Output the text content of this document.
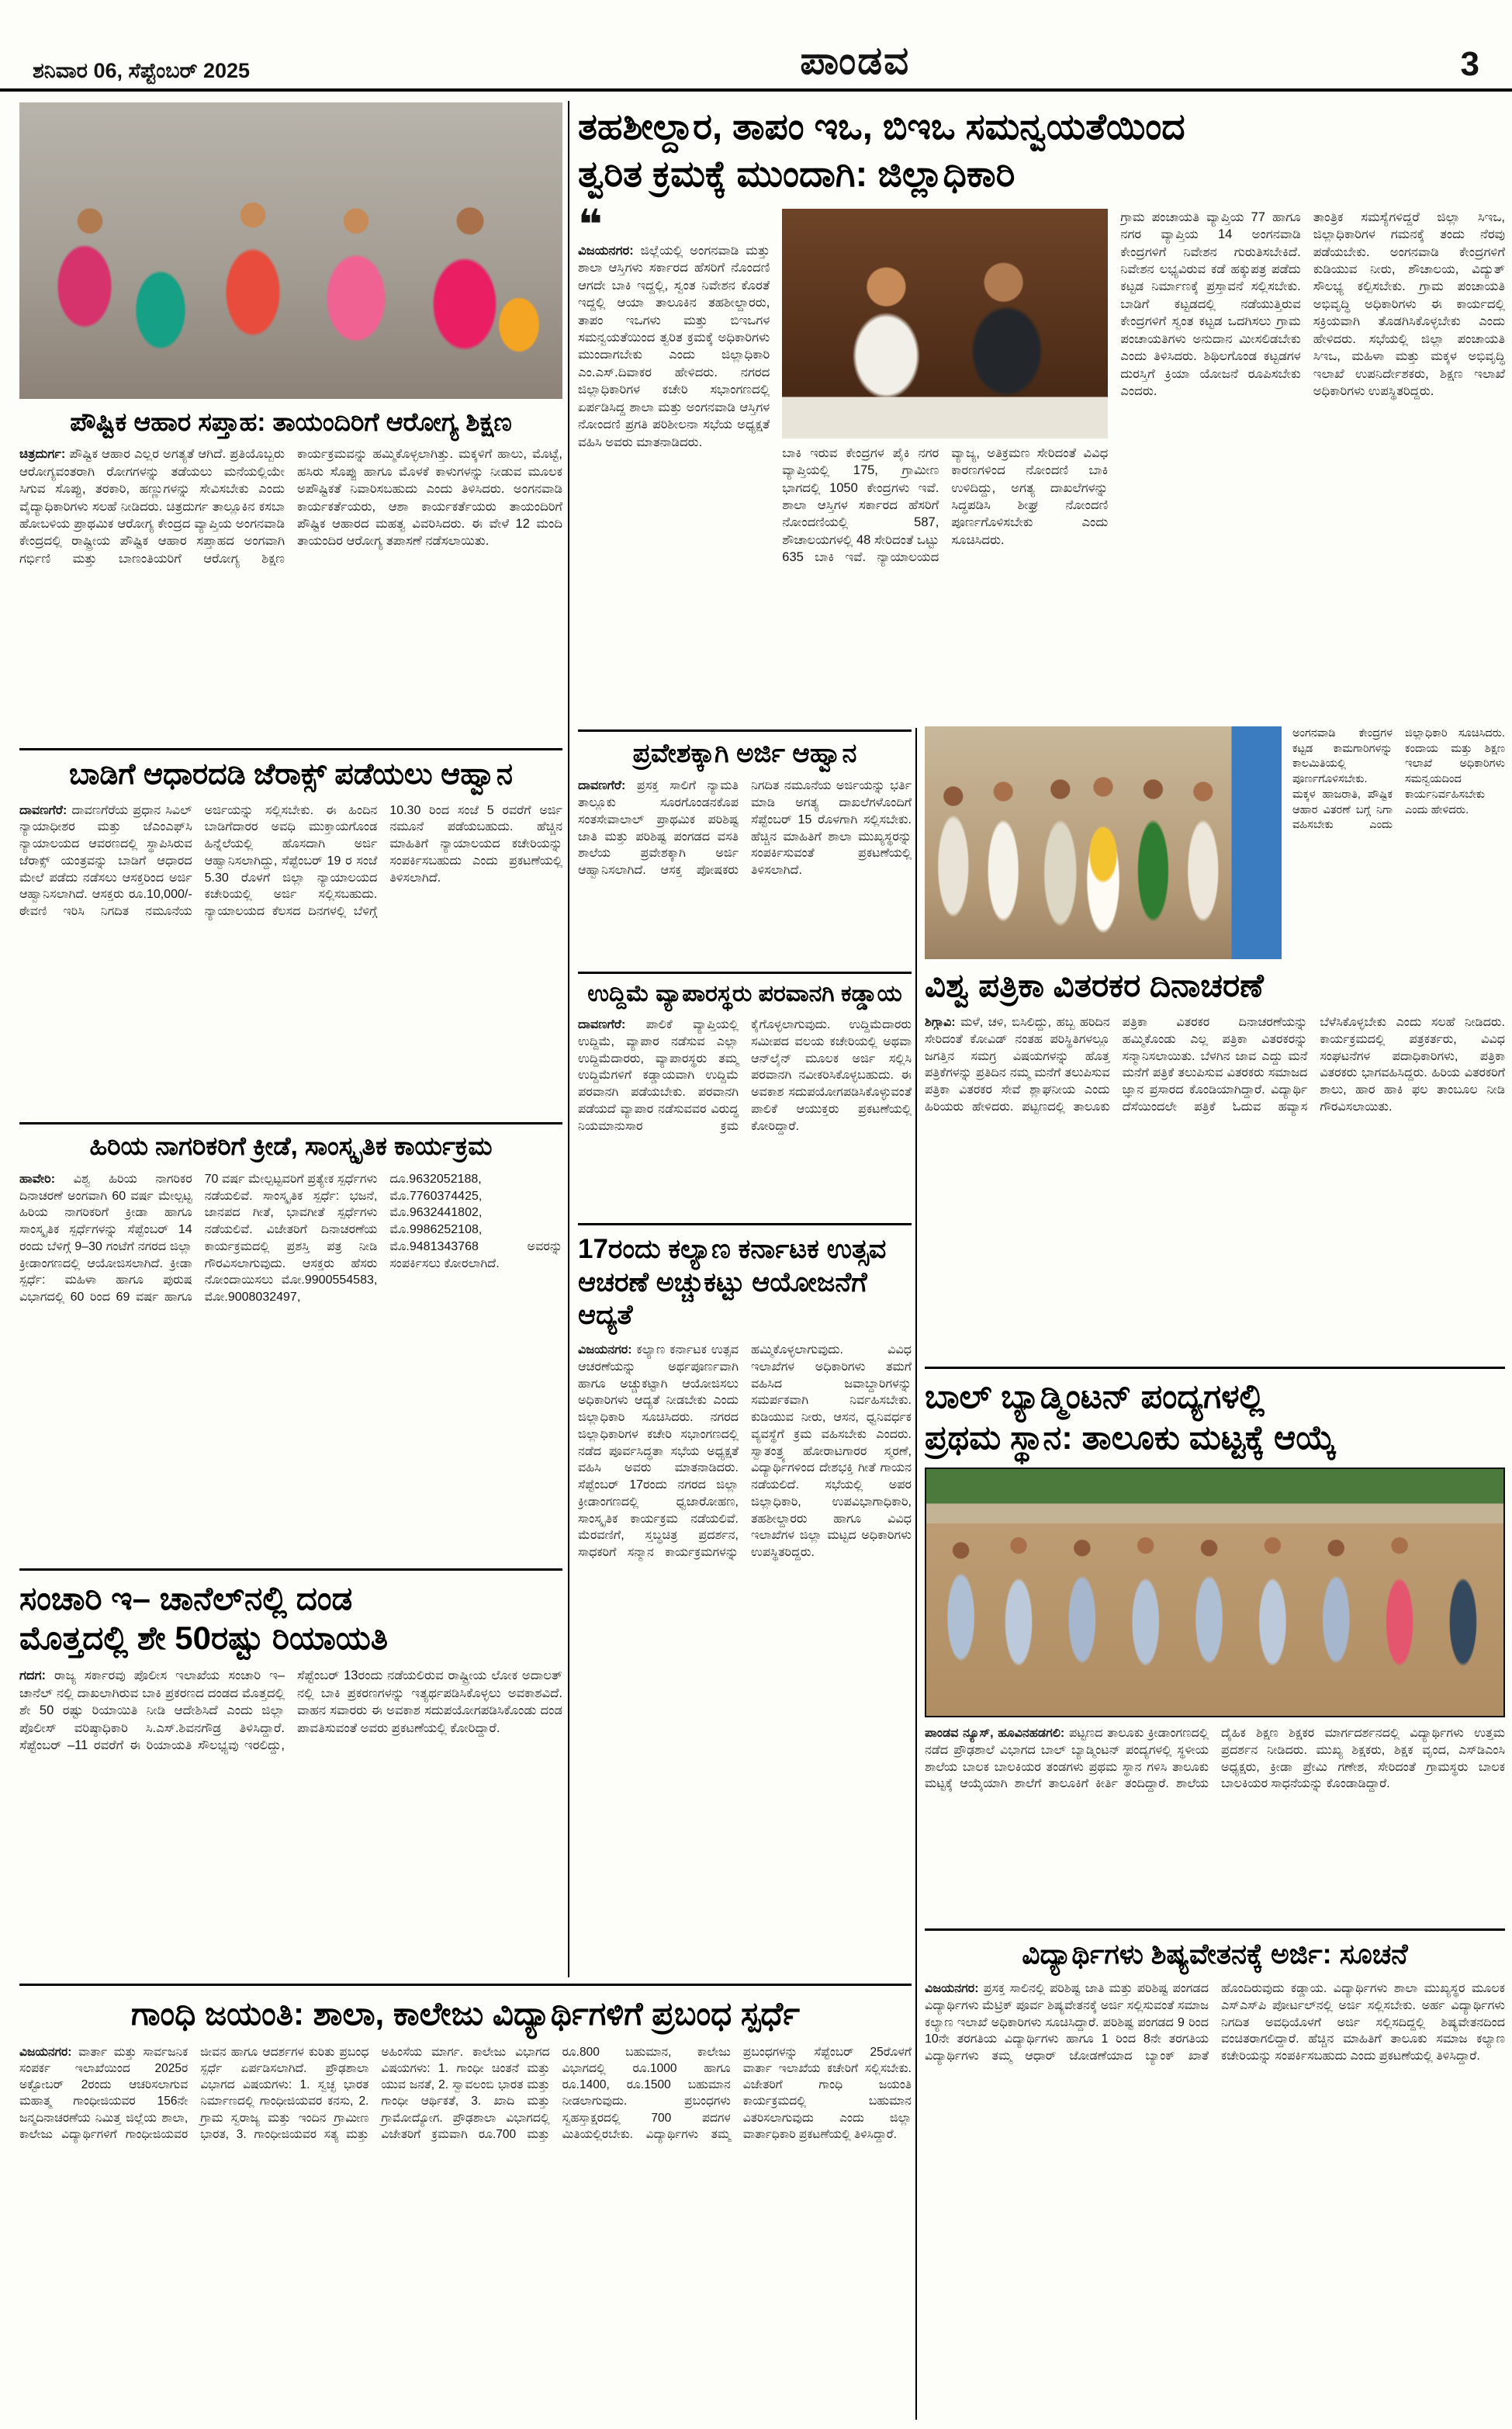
ಶನಿವಾರ 06, ಸೆಪ್ಟೆಂಬರ್ 2025	ಪಾಂಡವ	3
ಪೌಷ್ಟಿಕ ಆಹಾರ ಸಪ್ತಾಹ: ತಾಯಂದಿರಿಗೆ ಆರೋಗ್ಯ ಶಿಕ್ಷಣ
ಚಿತ್ರದುರ್ಗ: ಪೌಷ್ಟಿಕ ಆಹಾರ ಎಲ್ಲರ ಅಗತ್ಯತೆ ಆಗಿದೆ. ಪ್ರತಿಯೊಬ್ಬರು ಆರೋಗ್ಯವಂತರಾಗಿ ರೋಗಗಳನ್ನು ತಡೆಯಲು ಮನೆಯಲ್ಲಿಯೇ ಸಿಗುವ ಸೊಪ್ಪು, ತರಕಾರಿ, ಹಣ್ಣುಗಳನ್ನು ಸೇವಿಸಬೇಕು ಎಂದು ವೈದ್ಯಾಧಿಕಾರಿಗಳು ಸಲಹೆ ನೀಡಿದರು. ಚಿತ್ರದುರ್ಗ ತಾಲ್ಲೂಕಿನ ಕಸಬಾ ಹೋಬಳಿಯ ಪ್ರಾಥಮಿಕ ಆರೋಗ್ಯ ಕೇಂದ್ರದ ವ್ಯಾಪ್ತಿಯ ಅಂಗನವಾಡಿ ಕೇಂದ್ರದಲ್ಲಿ ರಾಷ್ಟ್ರೀಯ ಪೌಷ್ಟಿಕ ಆಹಾರ ಸಪ್ತಾಹದ ಅಂಗವಾಗಿ ಗರ್ಭಿಣಿ ಮತ್ತು ಬಾಣಂತಿಯರಿಗೆ ಆರೋಗ್ಯ ಶಿಕ್ಷಣ ಕಾರ್ಯಕ್ರಮವನ್ನು ಹಮ್ಮಿಕೊಳ್ಳಲಾಗಿತ್ತು. ಮಕ್ಕಳಿಗೆ ಹಾಲು, ಮೊಟ್ಟೆ, ಹಸಿರು ಸೊಪ್ಪು ಹಾಗೂ ಮೊಳಕೆ ಕಾಳುಗಳನ್ನು ನೀಡುವ ಮೂಲಕ ಅಪೌಷ್ಟಿಕತೆ ನಿವಾರಿಸಬಹುದು ಎಂದು ತಿಳಿಸಿದರು. ಅಂಗನವಾಡಿ ಕಾರ್ಯಕರ್ತೆಯರು, ಆಶಾ ಕಾರ್ಯಕರ್ತೆಯರು ತಾಯಂದಿರಿಗೆ ಪೌಷ್ಟಿಕ ಆಹಾರದ ಮಹತ್ವ ವಿವರಿಸಿದರು. ಈ ವೇಳೆ 12 ಮಂದಿ ತಾಯಂದಿರ ಆರೋಗ್ಯ ತಪಾಸಣೆ ನಡೆಸಲಾಯಿತು.
ಬಾಡಿಗೆ ಆಧಾರದಡಿ ಜೆರಾಕ್ಸ್ ಪಡೆಯಲು ಆಹ್ವಾನ
ದಾವಣಗೆರೆ: ದಾವಣಗೆರೆಯ ಪ್ರಧಾನ ಸಿವಿಲ್ ನ್ಯಾಯಾಧೀಶರ ಮತ್ತು ಜೆಎಂಎಫ್‌ಸಿ ನ್ಯಾಯಾಲಯದ ಆವರಣದಲ್ಲಿ ಸ್ಥಾಪಿಸಿರುವ ಜೆರಾಕ್ಸ್ ಯಂತ್ರವನ್ನು ಬಾಡಿಗೆ ಆಧಾರದ ಮೇಲೆ ಪಡೆದು ನಡೆಸಲು ಆಸಕ್ತರಿಂದ ಅರ್ಜಿ ಆಹ್ವಾನಿಸಲಾಗಿದೆ. ಆಸಕ್ತರು ರೂ.10,000/- ಠೇವಣಿ ಇರಿಸಿ ನಿಗದಿತ ನಮೂನೆಯ ಅರ್ಜಿಯನ್ನು ಸಲ್ಲಿಸಬೇಕು. ಈ ಹಿಂದಿನ ಬಾಡಿಗೆದಾರರ ಅವಧಿ ಮುಕ್ತಾಯಗೊಂಡ ಹಿನ್ನೆಲೆಯಲ್ಲಿ ಹೊಸದಾಗಿ ಅರ್ಜಿ ಆಹ್ವಾನಿಸಲಾಗಿದ್ದು, ಸೆಪ್ಟೆಂಬರ್ 19 ರ ಸಂಜೆ 5.30 ರೊಳಗೆ ಜಿಲ್ಲಾ ನ್ಯಾಯಾಲಯದ ಕಚೇರಿಯಲ್ಲಿ ಅರ್ಜಿ ಸಲ್ಲಿಸಬಹುದು. ನ್ಯಾಯಾಲಯದ ಕೆಲಸದ ದಿನಗಳಲ್ಲಿ ಬೆಳಿಗ್ಗೆ 10.30 ರಿಂದ ಸಂಜೆ 5 ರವರೆಗೆ ಅರ್ಜಿ ನಮೂನೆ ಪಡೆಯಬಹುದು. ಹೆಚ್ಚಿನ ಮಾಹಿತಿಗೆ ನ್ಯಾಯಾಲಯದ ಕಚೇರಿಯನ್ನು ಸಂಪರ್ಕಿಸಬಹುದು ಎಂದು ಪ್ರಕಟಣೆಯಲ್ಲಿ ತಿಳಿಸಲಾಗಿದೆ.
ಹಿರಿಯ ನಾಗರಿಕರಿಗೆ ಕ್ರೀಡೆ, ಸಾಂಸ್ಕೃತಿಕ ಕಾರ್ಯಕ್ರಮ
ಹಾವೇರಿ: ವಿಶ್ವ ಹಿರಿಯ ನಾಗರಿಕರ ದಿನಾಚರಣೆ ಅಂಗವಾಗಿ 60 ವರ್ಷ ಮೇಲ್ಪಟ್ಟ ಹಿರಿಯ ನಾಗರಿಕರಿಗೆ ಕ್ರೀಡಾ ಹಾಗೂ ಸಾಂಸ್ಕೃತಿಕ ಸ್ಪರ್ಧೆಗಳನ್ನು ಸೆಪ್ಟೆಂಬರ್ 14 ರಂದು ಬೆಳಿಗ್ಗೆ 9–30 ಗಂಟೆಗೆ ನಗರದ ಜಿಲ್ಲಾ ಕ್ರೀಡಾಂಗಣದಲ್ಲಿ ಆಯೋಜಿಸಲಾಗಿದೆ. ಕ್ರೀಡಾ ಸ್ಪರ್ಧೆ: ಮಹಿಳಾ ಹಾಗೂ ಪುರುಷ ವಿಭಾಗದಲ್ಲಿ 60 ರಿಂದ 69 ವರ್ಷ ಹಾಗೂ 70 ವರ್ಷ ಮೇಲ್ಪಟ್ಟವರಿಗೆ ಪ್ರತ್ಯೇಕ ಸ್ಪರ್ಧೆಗಳು ನಡೆಯಲಿವೆ. ಸಾಂಸ್ಕೃತಿಕ ಸ್ಪರ್ಧೆ: ಭಜನೆ, ಜಾನಪದ ಗೀತೆ, ಭಾವಗೀತೆ ಸ್ಪರ್ಧೆಗಳು ನಡೆಯಲಿವೆ. ವಿಜೇತರಿಗೆ ದಿನಾಚರಣೆಯ ಕಾರ್ಯಕ್ರಮದಲ್ಲಿ ಪ್ರಶಸ್ತಿ ಪತ್ರ ನೀಡಿ ಗೌರವಿಸಲಾಗುವುದು. ಆಸಕ್ತರು ಹೆಸರು ನೋಂದಾಯಿಸಲು ಮೋ.9900554583, ಮೋ.9008032497, ದೂ.9632052188, ಮೊ.7760374425, ಮೊ.9632441802, ಮೊ.9986252108, ಮೊ.9481343768 ಅವರನ್ನು ಸಂಪರ್ಕಿಸಲು ಕೋರಲಾಗಿದೆ.
ಸಂಚಾರಿ ಇ– ಚಾನೆಲ್‌ನಲ್ಲಿ ದಂಡ
ಮೊತ್ತದಲ್ಲಿ ಶೇ 50ರಷ್ಟು ರಿಯಾಯತಿ
ಗದಗ: ರಾಜ್ಯ ಸರ್ಕಾರವು ಪೊಲೀಸ ಇಲಾಖೆಯ ಸಂಚಾರಿ ಇ– ಚಾನೆಲ್ ನಲ್ಲಿ ದಾಖಲಾಗಿರುವ ಬಾಕಿ ಪ್ರಕರಣದ ದಂಡದ ಮೊತ್ತದಲ್ಲಿ ಶೇ 50 ರಷ್ಟು ರಿಯಾಯಿತಿ ನೀಡಿ ಆದೇಶಿಸಿದೆ ಎಂದು ಜಿಲ್ಲಾ ಪೊಲೀಸ್ ವರಿಷ್ಠಾಧಿಕಾರಿ ಸಿ.ಎಸ್.ಶಿವನಗೌಡ್ರ ತಿಳಿಸಿದ್ದಾರೆ. ಸೆಪ್ಟೆಂಬರ್ –11 ರವರೆಗೆ ಈ ರಿಯಾಯತಿ ಸೌಲಭ್ಯವು ಇರಲಿದ್ದು, ಸೆಪ್ಟೆಂಬರ್ 13ರಂದು ನಡೆಯಲಿರುವ ರಾಷ್ಟ್ರೀಯ ಲೋಕ ಅದಾಲತ್ ನಲ್ಲಿ ಬಾಕಿ ಪ್ರಕರಣಗಳನ್ನು ಇತ್ಯರ್ಥಪಡಿಸಿಕೊಳ್ಳಲು ಅವಕಾಶವಿದೆ. ವಾಹನ ಸವಾರರು ಈ ಅವಕಾಶ ಸದುಪಯೋಗಪಡಿಸಿಕೊಂಡು ದಂಡ ಪಾವತಿಸುವಂತೆ ಅವರು ಪ್ರಕಟಣೆಯಲ್ಲಿ ಕೋರಿದ್ದಾರೆ.
ತಹಶೀಲ್ದಾರ, ತಾಪಂ ಇಒ, ಬಿಇಒ ಸಮನ್ವಯತೆಯಿಂದ
ತ್ವರಿತ ಕ್ರಮಕ್ಕೆ ಮುಂದಾಗಿ: ಜಿಲ್ಲಾಧಿಕಾರಿ
❝
ವಿಜಯನಗರ: ಜಿಲ್ಲೆಯಲ್ಲಿ ಅಂಗನವಾಡಿ ಮತ್ತು ಶಾಲಾ ಆಸ್ತಿಗಳು ಸರ್ಕಾರದ ಹೆಸರಿಗೆ ನೊಂದಣಿ ಆಗದೇ ಬಾಕಿ ಇದ್ದಲ್ಲಿ, ಸ್ವಂತ ನಿವೇಶನ ಕೊರತೆ ಇದ್ದಲ್ಲಿ ಆಯಾ ತಾಲೂಕಿನ ತಹಶೀಲ್ದಾರರು, ತಾಪಂ ಇಒಗಳು ಮತ್ತು ಬಿಇಒಗಳ ಸಮನ್ವಯತೆಯಿಂದ ತ್ವರಿತ ಕ್ರಮಕ್ಕೆ ಅಧಿಕಾರಿಗಳು ಮುಂದಾಗಬೇಕು ಎಂದು ಜಿಲ್ಲಾಧಿಕಾರಿ ಎಂ.ಎಸ್.ದಿವಾಕರ ಹೇಳಿದರು. ನಗರದ ಜಿಲ್ಲಾಧಿಕಾರಿಗಳ ಕಚೇರಿ ಸಭಾಂಗಣದಲ್ಲಿ ಏರ್ಪಡಿಸಿದ್ದ ಶಾಲಾ ಮತ್ತು ಅಂಗನವಾಡಿ ಆಸ್ತಿಗಳ ನೋಂದಣಿ ಪ್ರಗತಿ ಪರಿಶೀಲನಾ ಸಭೆಯ ಅಧ್ಯಕ್ಷತೆ ವಹಿಸಿ ಅವರು ಮಾತನಾಡಿದರು.
ಬಾಕಿ ಇರುವ ಕೇಂದ್ರಗಳ ಪೈಕಿ ನಗರ ವ್ಯಾಪ್ತಿಯಲ್ಲಿ 175, ಗ್ರಾಮೀಣ ಭಾಗದಲ್ಲಿ 1050 ಕೇಂದ್ರಗಳು ಇವೆ. ಶಾಲಾ ಆಸ್ತಿಗಳ ಸರ್ಕಾರದ ಹೆಸರಿಗೆ ನೋಂದಣಿಯಲ್ಲಿ 587, ಶೌಚಾಲಯಗಳಲ್ಲಿ 48 ಸೇರಿದಂತೆ ಒಟ್ಟು 635 ಬಾಕಿ ಇವೆ. ನ್ಯಾಯಾಲಯದ ವ್ಯಾಜ್ಯ, ಅತಿಕ್ರಮಣ ಸೇರಿದಂತೆ ವಿವಿಧ ಕಾರಣಗಳಿಂದ ನೋಂದಣಿ ಬಾಕಿ ಉಳಿದಿದ್ದು, ಅಗತ್ಯ ದಾಖಲೆಗಳನ್ನು ಸಿದ್ಧಪಡಿಸಿ ಶೀಘ್ರ ನೋಂದಣಿ ಪೂರ್ಣಗೊಳಿಸಬೇಕು ಎಂದು ಸೂಚಿಸಿದರು.
ಗ್ರಾಮ ಪಂಚಾಯತಿ ವ್ಯಾಪ್ತಿಯ 77 ಹಾಗೂ ನಗರ ವ್ಯಾಪ್ತಿಯ 14 ಅಂಗನವಾಡಿ ಕೇಂದ್ರಗಳಿಗೆ ನಿವೇಶನ ಗುರುತಿಸಬೇಕಿದೆ. ನಿವೇಶನ ಲಭ್ಯವಿರುವ ಕಡೆ ಹಕ್ಕುಪತ್ರ ಪಡೆದು ಕಟ್ಟಡ ನಿರ್ಮಾಣಕ್ಕೆ ಪ್ರಸ್ತಾವನೆ ಸಲ್ಲಿಸಬೇಕು. ಬಾಡಿಗೆ ಕಟ್ಟಡದಲ್ಲಿ ನಡೆಯುತ್ತಿರುವ ಕೇಂದ್ರಗಳಿಗೆ ಸ್ವಂತ ಕಟ್ಟಡ ಒದಗಿಸಲು ಗ್ರಾಮ ಪಂಚಾಯತಿಗಳು ಅನುದಾನ ಮೀಸಲಿಡಬೇಕು ಎಂದು ತಿಳಿಸಿದರು. ಶಿಥಿಲಗೊಂಡ ಕಟ್ಟಡಗಳ ದುರಸ್ತಿಗೆ ಕ್ರಿಯಾ ಯೋಜನೆ ರೂಪಿಸಬೇಕು ಎಂದರು.
ತಾಂತ್ರಿಕ ಸಮಸ್ಯೆಗಳಿದ್ದರೆ ಜಿಲ್ಲಾ ಸಿಇಒ, ಜಿಲ್ಲಾಧಿಕಾರಿಗಳ ಗಮನಕ್ಕೆ ತಂದು ನೆರವು ಪಡೆಯಬೇಕು. ಅಂಗನವಾಡಿ ಕೇಂದ್ರಗಳಿಗೆ ಕುಡಿಯುವ ನೀರು, ಶೌಚಾಲಯ, ವಿದ್ಯುತ್ ಸೌಲಭ್ಯ ಕಲ್ಪಿಸಬೇಕು. ಗ್ರಾಮ ಪಂಚಾಯತಿ ಅಭಿವೃದ್ಧಿ ಅಧಿಕಾರಿಗಳು ಈ ಕಾರ್ಯದಲ್ಲಿ ಸಕ್ರಿಯವಾಗಿ ತೊಡಗಿಸಿಕೊಳ್ಳಬೇಕು ಎಂದು ಹೇಳಿದರು. ಸಭೆಯಲ್ಲಿ ಜಿಲ್ಲಾ ಪಂಚಾಯತಿ ಸಿಇಒ, ಮಹಿಳಾ ಮತ್ತು ಮಕ್ಕಳ ಅಭಿವೃದ್ಧಿ ಇಲಾಖೆ ಉಪನಿರ್ದೇಶಕರು, ಶಿಕ್ಷಣ ಇಲಾಖೆ ಅಧಿಕಾರಿಗಳು ಉಪಸ್ಥಿತರಿದ್ದರು.
ಪ್ರವೇಶಕ್ಕಾಗಿ ಅರ್ಜಿ ಆಹ್ವಾನ
ದಾವಣಗೆರೆ: ಪ್ರಸಕ್ತ ಸಾಲಿಗೆ ನ್ಯಾಮತಿ ತಾಲ್ಲೂಕು ಸೂರಗೊಂಡನಕೊಪ ಸಂತಸೇವಾಲಾಲ್ ಪ್ರಾಥಮಿಕ ಪರಿಶಿಷ್ಟ ಜಾತಿ ಮತ್ತು ಪರಿಶಿಷ್ಟ ಪಂಗಡದ ವಸತಿ ಶಾಲೆಯ ಪ್ರವೇಶಕ್ಕಾಗಿ ಅರ್ಜಿ ಆಹ್ವಾನಿಸಲಾಗಿದೆ. ಆಸಕ್ತ ಪೋಷಕರು ನಿಗದಿತ ನಮೂನೆಯ ಅರ್ಜಿಯನ್ನು ಭರ್ತಿ ಮಾಡಿ ಅಗತ್ಯ ದಾಖಲೆಗಳೊಂದಿಗೆ ಸೆಪ್ಟೆಂಬರ್ 15 ರೊಳಗಾಗಿ ಸಲ್ಲಿಸಬೇಕು. ಹೆಚ್ಚಿನ ಮಾಹಿತಿಗೆ ಶಾಲಾ ಮುಖ್ಯಸ್ಥರನ್ನು ಸಂಪರ್ಕಿಸುವಂತೆ ಪ್ರಕಟಣೆಯಲ್ಲಿ ತಿಳಿಸಲಾಗಿದೆ.
ಉದ್ದಿಮೆ ವ್ಯಾಪಾರಸ್ಥರು ಪರವಾನಗಿ ಕಡ್ಡಾಯ
ದಾವಣಗೆರೆ: ಪಾಲಿಕೆ ವ್ಯಾಪ್ತಿಯಲ್ಲಿ ಉದ್ದಿಮೆ, ವ್ಯಾಪಾರ ನಡೆಸುವ ಎಲ್ಲಾ ಉದ್ದಿಮೆದಾರರು, ವ್ಯಾಪಾರಸ್ಥರು ತಮ್ಮ ಉದ್ದಿಮೆಗಳಿಗೆ ಕಡ್ಡಾಯವಾಗಿ ಉದ್ದಿಮೆ ಪರವಾನಗಿ ಪಡೆಯಬೇಕು. ಪರವಾನಗಿ ಪಡೆಯದೆ ವ್ಯಾಪಾರ ನಡೆಸುವವರ ವಿರುದ್ಧ ನಿಯಮಾನುಸಾರ ಕ್ರಮ ಕೈಗೊಳ್ಳಲಾಗುವುದು. ಉದ್ದಿಮೆದಾರರು ಸಮೀಪದ ವಲಯ ಕಚೇರಿಯಲ್ಲಿ ಅಥವಾ ಆನ್‌ಲೈನ್ ಮೂಲಕ ಅರ್ಜಿ ಸಲ್ಲಿಸಿ ಪರವಾನಗಿ ನವೀಕರಿಸಿಕೊಳ್ಳಬಹುದು. ಈ ಅವಕಾಶ ಸದುಪಯೋಗಪಡಿಸಿಕೊಳ್ಳುವಂತೆ ಪಾಲಿಕೆ ಆಯುಕ್ತರು ಪ್ರಕಟಣೆಯಲ್ಲಿ ಕೋರಿದ್ದಾರೆ.
17ರಂದು ಕಲ್ಯಾಣ ಕರ್ನಾಟಕ ಉತ್ಸವ
ಆಚರಣೆ ಅಚ್ಚುಕಟ್ಟು ಆಯೋಜನೆಗೆ ಆದ್ಯತೆ
ವಿಜಯನಗರ: ಕಲ್ಯಾಣ ಕರ್ನಾಟಕ ಉತ್ಸವ ಆಚರಣೆಯನ್ನು ಅರ್ಥಪೂರ್ಣವಾಗಿ ಹಾಗೂ ಅಚ್ಚುಕಟ್ಟಾಗಿ ಆಯೋಜಿಸಲು ಅಧಿಕಾರಿಗಳು ಆದ್ಯತೆ ನೀಡಬೇಕು ಎಂದು ಜಿಲ್ಲಾಧಿಕಾರಿ ಸೂಚಿಸಿದರು. ನಗರದ ಜಿಲ್ಲಾಧಿಕಾರಿಗಳ ಕಚೇರಿ ಸಭಾಂಗಣದಲ್ಲಿ ನಡೆದ ಪೂರ್ವಸಿದ್ಧತಾ ಸಭೆಯ ಅಧ್ಯಕ್ಷತೆ ವಹಿಸಿ ಅವರು ಮಾತನಾಡಿದರು. ಸೆಪ್ಟೆಂಬರ್ 17ರಂದು ನಗರದ ಜಿಲ್ಲಾ ಕ್ರೀಡಾಂಗಣದಲ್ಲಿ ಧ್ವಜಾರೋಹಣ, ಸಾಂಸ್ಕೃತಿಕ ಕಾರ್ಯಕ್ರಮ ನಡೆಯಲಿವೆ. ಮೆರವಣಿಗೆ, ಸ್ತಬ್ಧಚಿತ್ರ ಪ್ರದರ್ಶನ, ಸಾಧಕರಿಗೆ ಸನ್ಮಾನ ಕಾರ್ಯಕ್ರಮಗಳನ್ನು ಹಮ್ಮಿಕೊಳ್ಳಲಾಗುವುದು. ವಿವಿಧ ಇಲಾಖೆಗಳ ಅಧಿಕಾರಿಗಳು ತಮಗೆ ವಹಿಸಿದ ಜವಾಬ್ದಾರಿಗಳನ್ನು ಸಮರ್ಪಕವಾಗಿ ನಿರ್ವಹಿಸಬೇಕು. ಕುಡಿಯುವ ನೀರು, ಆಸನ, ಧ್ವನಿವರ್ಧಕ ವ್ಯವಸ್ಥೆಗೆ ಕ್ರಮ ವಹಿಸಬೇಕು ಎಂದರು. ಸ್ವಾತಂತ್ರ್ಯ ಹೋರಾಟಗಾರರ ಸ್ಮರಣೆ, ವಿದ್ಯಾರ್ಥಿಗಳಿಂದ ದೇಶಭಕ್ತಿ ಗೀತೆ ಗಾಯನ ನಡೆಯಲಿದೆ. ಸಭೆಯಲ್ಲಿ ಅಪರ ಜಿಲ್ಲಾಧಿಕಾರಿ, ಉಪವಿಭಾಗಾಧಿಕಾರಿ, ತಹಶೀಲ್ದಾರರು ಹಾಗೂ ವಿವಿಧ ಇಲಾಖೆಗಳ ಜಿಲ್ಲಾ ಮಟ್ಟದ ಅಧಿಕಾರಿಗಳು ಉಪಸ್ಥಿತರಿದ್ದರು.
ಅಂಗನವಾಡಿ ಕೇಂದ್ರಗಳ ಕಟ್ಟಡ ಕಾಮಗಾರಿಗಳನ್ನು ಕಾಲಮಿತಿಯಲ್ಲಿ ಪೂರ್ಣಗೊಳಿಸಬೇಕು. ಮಕ್ಕಳ ಹಾಜರಾತಿ, ಪೌಷ್ಟಿಕ ಆಹಾರ ವಿತರಣೆ ಬಗ್ಗೆ ನಿಗಾ ವಹಿಸಬೇಕು ಎಂದು ಜಿಲ್ಲಾಧಿಕಾರಿ ಸೂಚಿಸಿದರು. ಕಂದಾಯ ಮತ್ತು ಶಿಕ್ಷಣ ಇಲಾಖೆ ಅಧಿಕಾರಿಗಳು ಸಮನ್ವಯದಿಂದ ಕಾರ್ಯನಿರ್ವಹಿಸಬೇಕು ಎಂದು ಹೇಳಿದರು.
ವಿಶ್ವ ಪತ್ರಿಕಾ ವಿತರಕರ ದಿನಾಚರಣೆ
ಶಿಗ್ಗಾವಿ: ಮಳೆ, ಚಳಿ, ಬಿಸಿಲಿದ್ದು, ಹಬ್ಬ ಹರಿದಿನ ಸೇರಿದಂತೆ ಕೋವಿಡ್ ನಂತಹ ಪರಿಸ್ಥಿತಿಗಳಲ್ಲೂ ಜಗತ್ತಿನ ಸಮಗ್ರ ವಿಷಯಗಳನ್ನು ಹೊತ್ತ ಪತ್ರಿಕೆಗಳನ್ನು ಪ್ರತಿದಿನ ನಮ್ಮ ಮನೆಗೆ ತಲುಪಿಸುವ ಪತ್ರಿಕಾ ವಿತರಕರ ಸೇವೆ ಶ್ಲಾಘನೀಯ ಎಂದು ಹಿರಿಯರು ಹೇಳಿದರು. ಪಟ್ಟಣದಲ್ಲಿ ತಾಲೂಕು ಪತ್ರಿಕಾ ವಿತರಕರ ದಿನಾಚರಣೆಯನ್ನು ಹಮ್ಮಿಕೊಂಡು ಎಲ್ಲ ಪತ್ರಿಕಾ ವಿತರಕರನ್ನು ಸನ್ಮಾನಿಸಲಾಯಿತು. ಬೆಳಗಿನ ಜಾವ ಎದ್ದು ಮನೆ ಮನೆಗೆ ಪತ್ರಿಕೆ ತಲುಪಿಸುವ ವಿತರಕರು ಸಮಾಜದ ಜ್ಞಾನ ಪ್ರಸಾರದ ಕೊಂಡಿಯಾಗಿದ್ದಾರೆ. ವಿದ್ಯಾರ್ಥಿ ದೆಸೆಯಿಂದಲೇ ಪತ್ರಿಕೆ ಓದುವ ಹವ್ಯಾಸ ಬೆಳೆಸಿಕೊಳ್ಳಬೇಕು ಎಂದು ಸಲಹೆ ನೀಡಿದರು. ಕಾರ್ಯಕ್ರಮದಲ್ಲಿ ಪತ್ರಕರ್ತರು, ವಿವಿಧ ಸಂಘಟನೆಗಳ ಪದಾಧಿಕಾರಿಗಳು, ಪತ್ರಿಕಾ ವಿತರಕರು ಭಾಗವಹಿಸಿದ್ದರು. ಹಿರಿಯ ವಿತರಕರಿಗೆ ಶಾಲು, ಹಾರ ಹಾಕಿ ಫಲ ತಾಂಬೂಲ ನೀಡಿ ಗೌರವಿಸಲಾಯಿತು.
ಬಾಲ್ ಬ್ಯಾಡ್ಮಿಂಟನ್ ಪಂದ್ಯಗಳಲ್ಲಿ
ಪ್ರಥಮ ಸ್ಥಾನ: ತಾಲೂಕು ಮಟ್ಟಕ್ಕೆ ಆಯ್ಕೆ
ಪಾಂಡವ ನ್ಯೂಸ್, ಹೂವಿನಹಡಗಲಿ: ಪಟ್ಟಣದ ತಾಲೂಕು ಕ್ರೀಡಾಂಗಣದಲ್ಲಿ ನಡೆದ ಪ್ರೌಢಶಾಲೆ ವಿಭಾಗದ ಬಾಲ್ ಬ್ಯಾಡ್ಮಿಂಟನ್ ಪಂದ್ಯಗಳಲ್ಲಿ ಸ್ಥಳೀಯ ಶಾಲೆಯ ಬಾಲಕ ಬಾಲಕಿಯರ ತಂಡಗಳು ಪ್ರಥಮ ಸ್ಥಾನ ಗಳಿಸಿ ತಾಲೂಕು ಮಟ್ಟಕ್ಕೆ ಆಯ್ಕೆಯಾಗಿ ಶಾಲೆಗೆ ತಾಲೂಕಿಗೆ ಕೀರ್ತಿ ತಂದಿದ್ದಾರೆ. ಶಾಲೆಯ ದೈಹಿಕ ಶಿಕ್ಷಣ ಶಿಕ್ಷಕರ ಮಾರ್ಗದರ್ಶನದಲ್ಲಿ ವಿದ್ಯಾರ್ಥಿಗಳು ಉತ್ತಮ ಪ್ರದರ್ಶನ ನೀಡಿದರು. ಮುಖ್ಯ ಶಿಕ್ಷಕರು, ಶಿಕ್ಷಕ ವೃಂದ, ಎಸ್‌ಡಿಎಂಸಿ ಅಧ್ಯಕ್ಷರು, ಕ್ರೀಡಾ ಪ್ರೇಮಿ ಗಣೇಶ, ಸೇರಿದಂತೆ ಗ್ರಾಮಸ್ಥರು ಬಾಲಕ ಬಾಲಕಿಯರ ಸಾಧನೆಯನ್ನು ಕೊಂಡಾಡಿದ್ದಾರೆ.
ವಿದ್ಯಾರ್ಥಿಗಳು ಶಿಷ್ಯವೇತನಕ್ಕೆ ಅರ್ಜಿ: ಸೂಚನೆ
ವಿಜಯನಗರ: ಪ್ರಸಕ್ತ ಸಾಲಿನಲ್ಲಿ ಪರಿಶಿಷ್ಟ ಜಾತಿ ಮತ್ತು ಪರಿಶಿಷ್ಟ ಪಂಗಡದ ವಿದ್ಯಾರ್ಥಿಗಳು ಮೆಟ್ರಿಕ್ ಪೂರ್ವ ಶಿಷ್ಯವೇತನಕ್ಕೆ ಅರ್ಜಿ ಸಲ್ಲಿಸುವಂತೆ ಸಮಾಜ ಕಲ್ಯಾಣ ಇಲಾಖೆ ಅಧಿಕಾರಿಗಳು ಸೂಚಿಸಿದ್ದಾರೆ. ಪರಿಶಿಷ್ಟ ಪಂಗಡದ 9 ರಿಂದ 10ನೇ ತರಗತಿಯ ವಿದ್ಯಾರ್ಥಿಗಳು ಹಾಗೂ 1 ರಿಂದ 8ನೇ ತರಗತಿಯ ವಿದ್ಯಾರ್ಥಿಗಳು ತಮ್ಮ ಆಧಾರ್ ಜೋಡಣೆಯಾದ ಬ್ಯಾಂಕ್ ಖಾತೆ ಹೊಂದಿರುವುದು ಕಡ್ಡಾಯ. ವಿದ್ಯಾರ್ಥಿಗಳು ಶಾಲಾ ಮುಖ್ಯಸ್ಥರ ಮೂಲಕ ಎಸ್‌ಎಸ್‌ಪಿ ಪೋರ್ಟಲ್‌ನಲ್ಲಿ ಅರ್ಜಿ ಸಲ್ಲಿಸಬೇಕು. ಅರ್ಹ ವಿದ್ಯಾರ್ಥಿಗಳು ನಿಗದಿತ ಅವಧಿಯೊಳಗೆ ಅರ್ಜಿ ಸಲ್ಲಿಸದಿದ್ದಲ್ಲಿ ಶಿಷ್ಯವೇತನದಿಂದ ವಂಚಿತರಾಗಲಿದ್ದಾರೆ. ಹೆಚ್ಚಿನ ಮಾಹಿತಿಗೆ ತಾಲೂಕು ಸಮಾಜ ಕಲ್ಯಾಣ ಕಚೇರಿಯನ್ನು ಸಂಪರ್ಕಿಸಬಹುದು ಎಂದು ಪ್ರಕಟಣೆಯಲ್ಲಿ ತಿಳಿಸಿದ್ದಾರೆ.
ಗಾಂಧಿ ಜಯಂತಿ: ಶಾಲಾ, ಕಾಲೇಜು ವಿದ್ಯಾರ್ಥಿಗಳಿಗೆ ಪ್ರಬಂಧ ಸ್ಪರ್ಧೆ
ವಿಜಯನಗರ: ವಾರ್ತಾ ಮತ್ತು ಸಾರ್ವಜನಿಕ ಸಂಪರ್ಕ ಇಲಾಖೆಯಿಂದ 2025ರ ಅಕ್ಟೋಬರ್ 2ರಂದು ಆಚರಿಸಲಾಗುವ ಮಹಾತ್ಮ ಗಾಂಧೀಜಿಯವರ 156ನೇ ಜನ್ಮದಿನಾಚರಣೆಯ ನಿಮಿತ್ತ ಜಿಲ್ಲೆಯ ಶಾಲಾ, ಕಾಲೇಜು ವಿದ್ಯಾರ್ಥಿಗಳಿಗೆ ಗಾಂಧೀಜಿಯವರ ಜೀವನ ಹಾಗೂ ಆದರ್ಶಗಳ ಕುರಿತು ಪ್ರಬಂಧ ಸ್ಪರ್ಧೆ ಏರ್ಪಡಿಸಲಾಗಿದೆ. ಪ್ರೌಢಶಾಲಾ ವಿಭಾಗದ ವಿಷಯಗಳು: 1. ಸ್ವಚ್ಛ ಭಾರತ ನಿರ್ಮಾಣದಲ್ಲಿ ಗಾಂಧೀಜಿಯವರ ಕನಸು, 2. ಗ್ರಾಮ ಸ್ವರಾಜ್ಯ ಮತ್ತು ಇಂದಿನ ಗ್ರಾಮೀಣ ಭಾರತ, 3. ಗಾಂಧೀಜಿಯವರ ಸತ್ಯ ಮತ್ತು ಅಹಿಂಸೆಯ ಮಾರ್ಗ. ಕಾಲೇಜು ವಿಭಾಗದ ವಿಷಯಗಳು: 1. ಗಾಂಧೀ ಚಿಂತನೆ ಮತ್ತು ಯುವ ಜನತೆ, 2. ಸ್ವಾವಲಂಬಿ ಭಾರತ ಮತ್ತು ಗಾಂಧೀ ಆರ್ಥಿಕತೆ, 3. ಖಾದಿ ಮತ್ತು ಗ್ರಾಮೋದ್ಯೋಗ. ಪ್ರೌಢಶಾಲಾ ವಿಭಾಗದಲ್ಲಿ ವಿಜೇತರಿಗೆ ಕ್ರಮವಾಗಿ ರೂ.700 ಮತ್ತು ರೂ.800 ಬಹುಮಾನ, ಕಾಲೇಜು ವಿಭಾಗದಲ್ಲಿ ರೂ.1000 ಹಾಗೂ ರೂ.1400, ರೂ.1500 ಬಹುಮಾನ ನೀಡಲಾಗುವುದು. ಪ್ರಬಂಧಗಳು ಸ್ವಹಸ್ತಾಕ್ಷರದಲ್ಲಿ 700 ಪದಗಳ ಮಿತಿಯಲ್ಲಿರಬೇಕು. ವಿದ್ಯಾರ್ಥಿಗಳು ತಮ್ಮ ಪ್ರಬಂಧಗಳನ್ನು ಸೆಪ್ಟೆಂಬರ್ 25ರೊಳಗೆ ವಾರ್ತಾ ಇಲಾಖೆಯ ಕಚೇರಿಗೆ ಸಲ್ಲಿಸಬೇಕು. ವಿಜೇತರಿಗೆ ಗಾಂಧಿ ಜಯಂತಿ ಕಾರ್ಯಕ್ರಮದಲ್ಲಿ ಬಹುಮಾನ ವಿತರಿಸಲಾಗುವುದು ಎಂದು ಜಿಲ್ಲಾ ವಾರ್ತಾಧಿಕಾರಿ ಪ್ರಕಟಣೆಯಲ್ಲಿ ತಿಳಿಸಿದ್ದಾರೆ.
